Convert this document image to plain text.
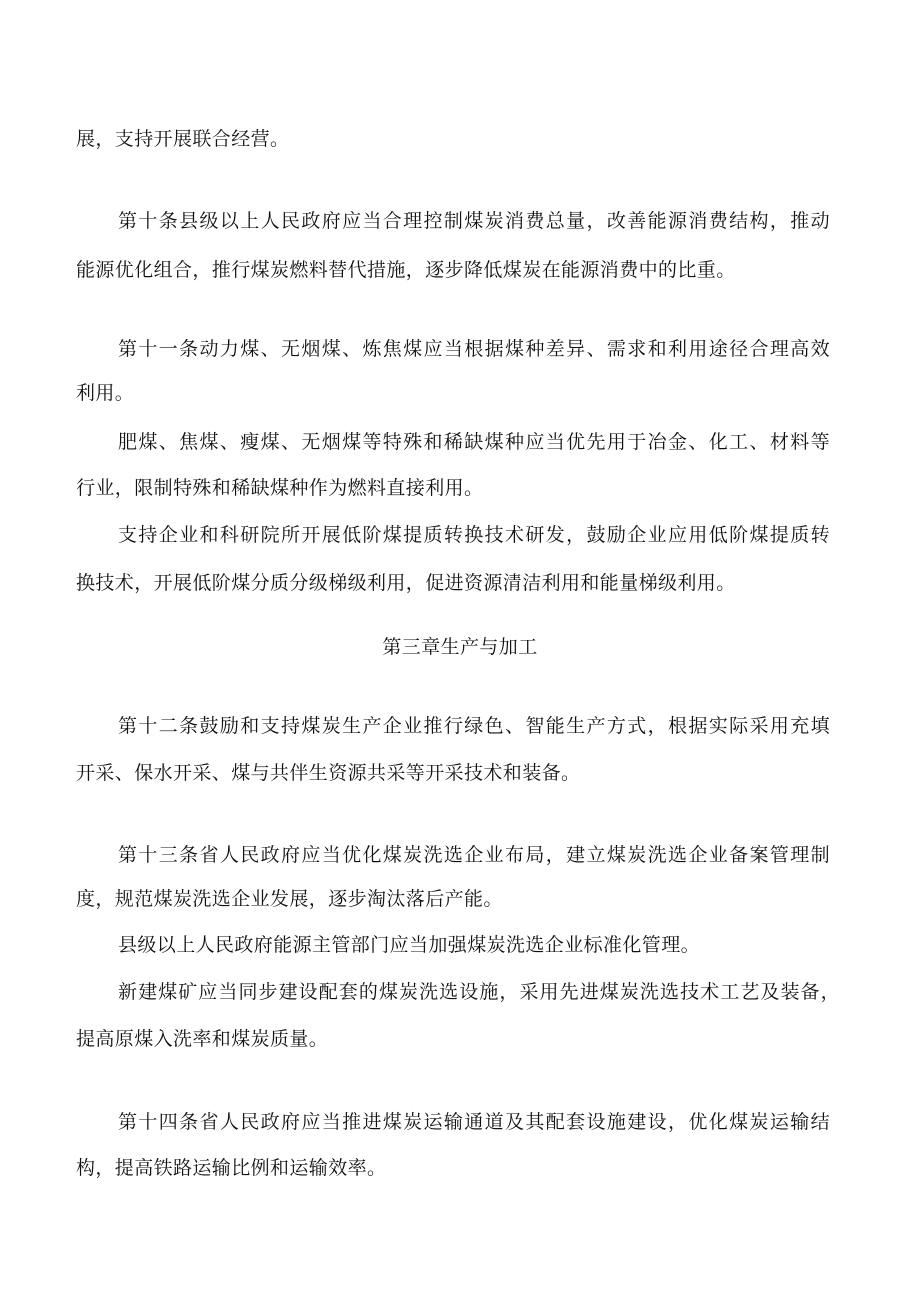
展，支持开展联合经营。
第十条县级以上人民政府应当合理控制煤炭消费总量，改善能源消费结构，推动
能源优化组合，推行煤炭燃料替代措施，逐步降低煤炭在能源消费中的比重。
第十一条动力煤、无烟煤、炼焦煤应当根据煤种差异、需求和利用途径合理高效
利用。
肥煤、焦煤、瘦煤、无烟煤等特殊和稀缺煤种应当优先用于冶金、化工、材料等
行业，限制特殊和稀缺煤种作为燃料直接利用。
支持企业和科研院所开展低阶煤提质转换技术研发，鼓励企业应用低阶煤提质转
换技术，开展低阶煤分质分级梯级利用，促进资源清洁利用和能量梯级利用。
第三章生产与加工
第十二条鼓励和支持煤炭生产企业推行绿色、智能生产方式，根据实际采用充填
开采、保水开采、煤与共伴生资源共采等开采技术和装备。
第十三条省人民政府应当优化煤炭洗选企业布局，建立煤炭洗选企业备案管理制
度，规范煤炭洗选企业发展，逐步淘汰落后产能。
县级以上人民政府能源主管部门应当加强煤炭洗选企业标准化管理。
新建煤矿应当同步建设配套的煤炭洗选设施，采用先进煤炭洗选技术工艺及装备，
提高原煤入洗率和煤炭质量。
第十四条省人民政府应当推进煤炭运输通道及其配套设施建设，优化煤炭运输结
构，提高铁路运输比例和运输效率。
